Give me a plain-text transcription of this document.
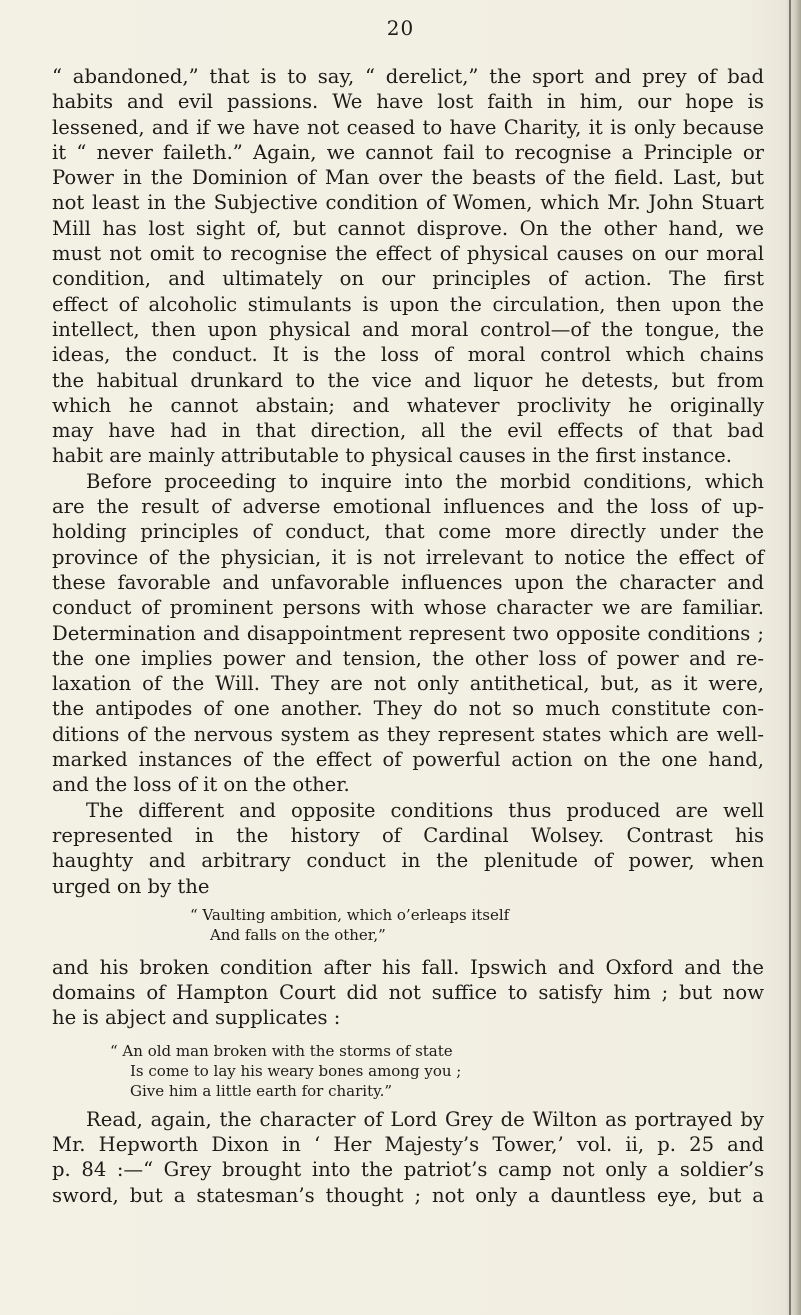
20
“ abandoned,” that is to say, “ derelict,” the sport and prey of bad
habits and evil passions. We have lost faith in him, our hope is
lessened, and if we have not ceased to have Charity, it is only because
it “ never faileth.” Again, we cannot fail to recognise a Principle or
Power in the Dominion of Man over the beasts of the field. Last, but
not least in the Subjective condition of Women, which Mr. John Stuart
Mill has lost sight of, but cannot disprove. On the other hand, we
must not omit to recognise the effect of physical causes on our moral
condition, and ultimately on our principles of action. The first
effect of alcoholic stimulants is upon the circulation, then upon the
intellect, then upon physical and moral control—of the tongue, the
ideas, the conduct. It is the loss of moral control which chains
the habitual drunkard to the vice and liquor he detests, but from
which he cannot abstain; and whatever proclivity he originally
may have had in that direction, all the evil effects of that bad
habit are mainly attributable to physical causes in the first instance.
Before proceeding to inquire into the morbid conditions, which
are the result of adverse emotional influences and the loss of up-
holding principles of conduct, that come more directly under the
province of the physician, it is not irrelevant to notice the effect of
these favorable and unfavorable influences upon the character and
conduct of prominent persons with whose character we are familiar.
Determination and disappointment represent two opposite conditions ;
the one implies power and tension, the other loss of power and re-
laxation of the Will. They are not only antithetical, but, as it were,
the antipodes of one another. They do not so much constitute con-
ditions of the nervous system as they represent states which are well-
marked instances of the effect of powerful action on the one hand,
and the loss of it on the other.
The different and opposite conditions thus produced are well
represented in the history of Cardinal Wolsey. Contrast his
haughty and arbitrary conduct in the plenitude of power, when
urged on by the
“ Vaulting ambition, which o’erleaps itself
And falls on the other,”
and his broken condition after his fall. Ipswich and Oxford and the
domains of Hampton Court did not suffice to satisfy him ; but now
he is abject and supplicates :
“ An old man broken with the storms of state
Is come to lay his weary bones among you ;
Give him a little earth for charity.”
Read, again, the character of Lord Grey de Wilton as portrayed by
Mr. Hepworth Dixon in ‘ Her Majesty’s Tower,’ vol. ii, p. 25 and
p. 84 :—“ Grey brought into the patriot’s camp not only a soldier’s
sword, but a statesman’s thought ; not only a dauntless eye, but a
